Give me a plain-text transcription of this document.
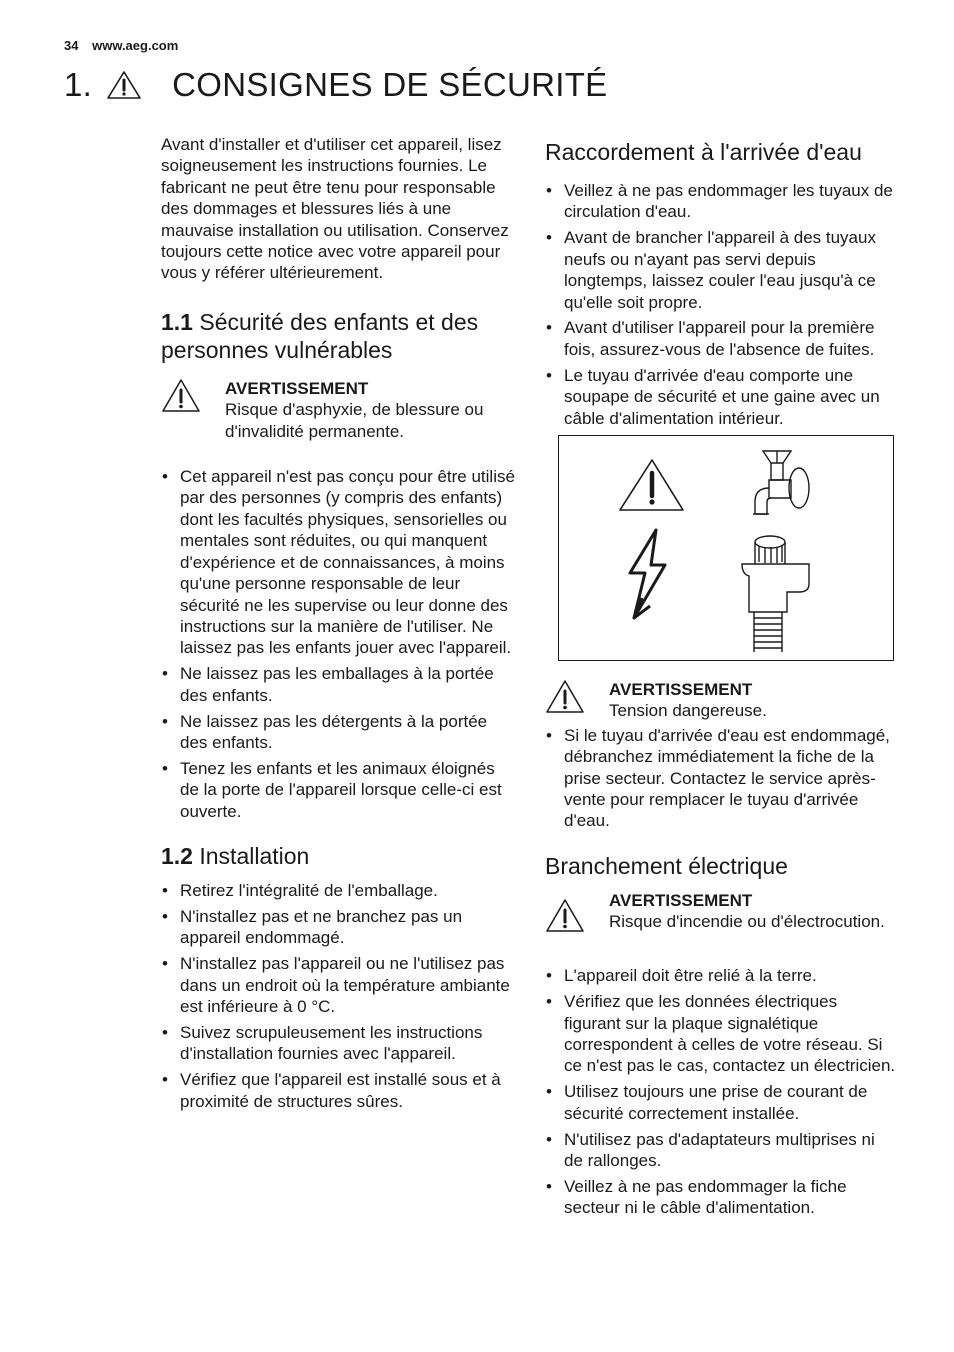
34 www.aeg.com
1. CONSIGNES DE SÉCURITÉ

Avant d'installer et d'utiliser cet appareil, lisez soigneusement les instructions fournies. Le fabricant ne peut être tenu pour responsable des dommages et blessures liés à une mauvaise installation ou utilisation. Conservez toujours cette notice avec votre appareil pour vous y référer ultérieurement.

1.1 Sécurité des enfants et des personnes vulnérables
AVERTISSEMENT
Risque d'asphyxie, de blessure ou d'invalidité permanente.
• Cet appareil n'est pas conçu pour être utilisé par des personnes (y compris des enfants) dont les facultés physiques, sensorielles ou mentales sont réduites, ou qui manquent d'expérience et de connaissances, à moins qu'une personne responsable de leur sécurité ne les supervise ou leur donne des instructions sur la manière de l'utiliser. Ne laissez pas les enfants jouer avec l'appareil.
• Ne laissez pas les emballages à la portée des enfants.
• Ne laissez pas les détergents à la portée des enfants.
• Tenez les enfants et les animaux éloignés de la porte de l'appareil lorsque celle-ci est ouverte.
1.2 Installation
• Retirez l'intégralité de l'emballage.
• N'installez pas et ne branchez pas un appareil endommagé.
• N'installez pas l'appareil ou ne l'utilisez pas dans un endroit où la température ambiante est inférieure à 0 °C.
• Suivez scrupuleusement les instructions d'installation fournies avec l'appareil.
• Vérifiez que l'appareil est installé sous et à proximité de structures sûres.
Raccordement à l'arrivée d'eau
• Veillez à ne pas endommager les tuyaux de circulation d'eau.
• Avant de brancher l'appareil à des tuyaux neufs ou n'ayant pas servi depuis longtemps, laissez couler l'eau jusqu'à ce qu'elle soit propre.
• Avant d'utiliser l'appareil pour la première fois, assurez-vous de l'absence de fuites.
• Le tuyau d'arrivée d'eau comporte une soupape de sécurité et une gaine avec un câble d'alimentation intérieur.
AVERTISSEMENT
Tension dangereuse.
• Si le tuyau d'arrivée d'eau est endommagé, débranchez immédiatement la fiche de la prise secteur. Contactez le service après-vente pour remplacer le tuyau d'arrivée d'eau.
Branchement électrique
AVERTISSEMENT
Risque d'incendie ou d'électrocution.
• L'appareil doit être relié à la terre.
• Vérifiez que les données électriques figurant sur la plaque signalétique correspondent à celles de votre réseau. Si ce n'est pas le cas, contactez un électricien.
• Utilisez toujours une prise de courant de sécurité correctement installée.
• N'utilisez pas d'adaptateurs multiprises ni de rallonges.
• Veillez à ne pas endommager la fiche secteur ni le câble d'alimentation.
